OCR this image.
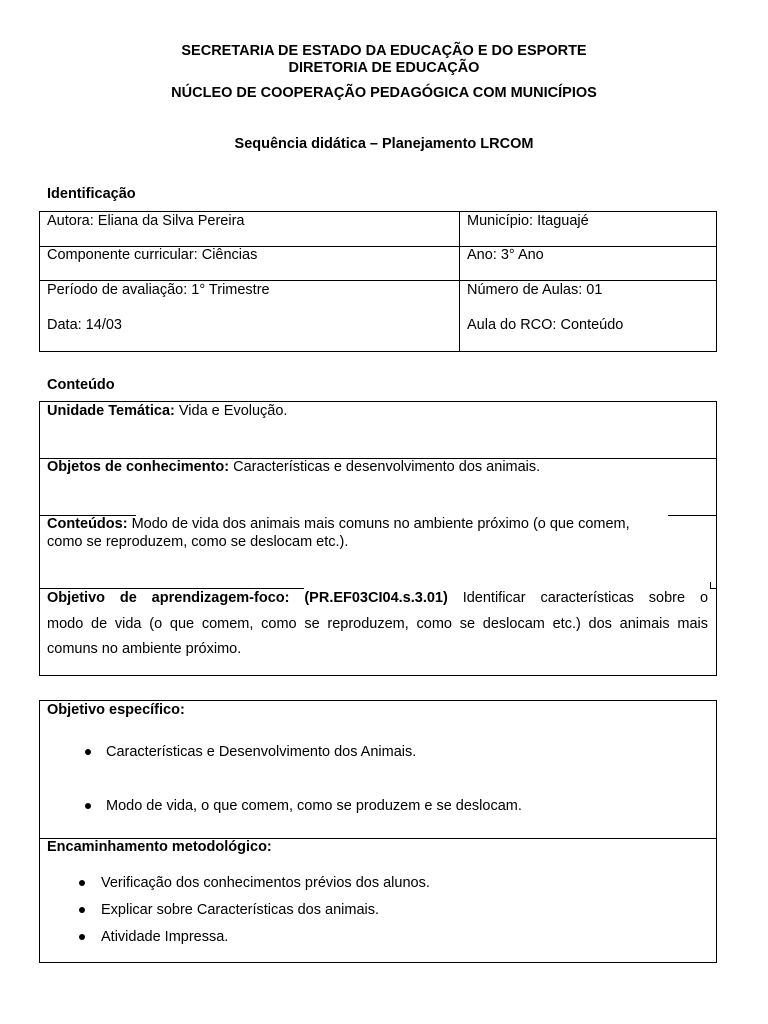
SECRETARIA DE ESTADO DA EDUCAÇÃO E DO ESPORTE
DIRETORIA DE EDUCAÇÃO
NÚCLEO DE COOPERAÇÃO PEDAGÓGICA COM MUNICÍPIOS
Sequência didática – Planejamento LRCOM
Identificação
Autora: Eliana da Silva Pereira	Município: Itaguajé
Componente curricular: Ciências	Ano: 3° Ano
Período de avaliação: 1° Trimestre	Número de Aulas: 01
Data: 14/03	Aula do RCO: Conteúdo
Conteúdo
Unidade Temática: Vida e Evolução.
Objetos de conhecimento: Características e desenvolvimento dos animais.
Conteúdos: Modo de vida dos animais mais comuns no ambiente próximo (o que comem,
como se reproduzem, como se deslocam etc.).
Objetivo de aprendizagem-foco: (PR.EF03CI04.s.3.01) Identificar características sobre o
modo de vida (o que comem, como se reproduzem, como se deslocam etc.) dos animais mais
comuns no ambiente próximo.
Objetivo específico:
Características e Desenvolvimento dos Animais.
Modo de vida, o que comem, como se produzem e se deslocam.
Encaminhamento metodológico:
Verificação dos conhecimentos prévios dos alunos.
Explicar sobre Características dos animais.
Atividade Impressa.
